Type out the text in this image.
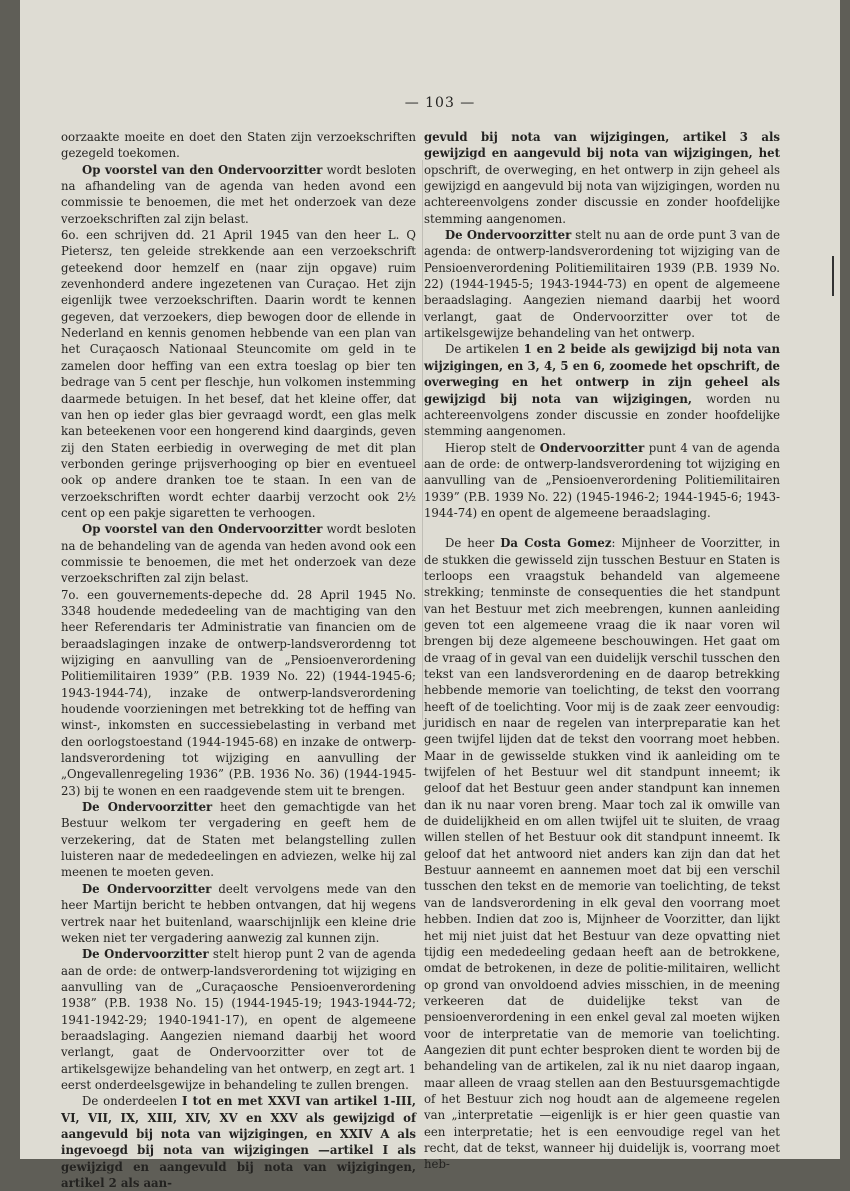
— 103 —

oorzaakte moeite en doet den Staten zijn verzoekschriften gezegeld toekomen.

Op voorstel van den Ondervoorzitter wordt besloten na afhandeling van de agenda van heden avond een commissie te benoemen, die met het onderzoek van deze verzoekschriften zal zijn belast.

6o. een schrijven dd. 21 April 1945 van den heer L. Q Pietersz, ten geleide strekkende aan een verzoekschrift geteekend door hemzelf en (naar zijn opgave) ruim zevenhonderd andere ingezetenen van Curaçao. Het zijn eigenlijk twee verzoekschriften. Daarin wordt te kennen gegeven, dat verzoekers, diep bewogen door de ellende in Nederland en kennis genomen hebbende van een plan van het Curaçaosch Nationaal Steuncomite om geld in te zamelen door heffing van een extra toeslag op bier ten bedrage van 5 cent per fleschje, hun volkomen instemming daarmede betuigen. In het besef, dat het kleine offer, dat van hen op ieder glas bier gevraagd wordt, een glas melk kan beteekenen voor een hongerend kind daarginds, geven zij den Staten eerbiedig in overweging de met dit plan verbonden geringe prijsverhooging op bier en eventueel ook op andere dranken toe te staan. In een van de verzoekschriften wordt echter daarbij verzocht ook 2½ cent op een pakje sigaretten te verhoogen.

Op voorstel van den Ondervoorzitter wordt besloten na de behandeling van de agenda van heden avond ook een commissie te benoemen, die met het onderzoek van deze verzoekschriften zal zijn belast.

7o. een gouvernements-depeche dd. 28 April 1945 No. 3348 houdende mededeeling van de machtiging van den heer Referendaris ter Administratie van financien om de beraadslagingen inzake de ontwerp-landsverordenng tot wijziging en aanvulling van de „Pensioenverordening Politiemilitairen 1939” (P.B. 1939 No. 22) (1944-1945-6; 1943-1944-74), inzake de ontwerp-landsverordening houdende voorzieningen met betrekking tot de heffing van winst-, inkomsten en successiebelasting in verband met den oorlogstoestand (1944-1945-68) en inzake de ontwerp-landsverordening tot wijziging en aanvulling der „Ongevallenregeling 1936” (P.B. 1936 No. 36) (1944-1945-23) bij te wonen en een raadgevende stem uit te brengen.

De Ondervoorzitter heet den gemachtigde van het Bestuur welkom ter vergadering en geeft hem de verzekering, dat de Staten met belangstelling zullen luisteren naar de mededeelingen en adviezen, welke hij zal meenen te moeten geven.

De Ondervoorzitter deelt vervolgens mede van den heer Martijn bericht te hebben ontvangen, dat hij wegens vertrek naar het buitenland, waarschijnlijk een kleine drie weken niet ter vergadering aanwezig zal kunnen zijn.

De Ondervoorzitter stelt hierop punt 2 van de agenda aan de orde: de ontwerp-landsverordening tot wijziging en aanvulling van de „Curaçaosche Pensioenverordening 1938” (P.B. 1938 No. 15) (1944-1945-19; 1943-1944-72; 1941-1942-29; 1940-1941-17), en opent de algemeene beraadslaging. Aangezien niemand daarbij het woord verlangt, gaat de Ondervoorzitter over tot de artikelsgewijze behandeling van het ontwerp, en zegt art. 1 eerst onderdeelsgewijze in behandeling te zullen brengen.

De onderdeelen I tot en met XXVI van artikel 1-III, VI, VII, IX, XIII, XIV, XV en XXV als gewijzigd of aangevuld bij nota van wijzigingen, en XXIV A als ingevoegd bij nota van wijzigingen —artikel I als gewijzigd en aangevuld bij nota van wijzigingen, artikel 2 als aan-

gevuld bij nota van wijzigingen, artikel 3 als gewijzigd en aangevuld bij nota van wijzigingen, het opschrift, de overweging, en het ontwerp in zijn geheel als gewijzigd en aangevuld bij nota van wijzigingen, worden nu achtereenvolgens zonder discussie en zonder hoofdelijke stemming aangenomen.

De Ondervoorzitter stelt nu aan de orde punt 3 van de agenda: de ontwerp-landsverordening tot wijziging van de Pensioenverordening Politiemilitairen 1939 (P.B. 1939 No. 22) (1944-1945-5; 1943-1944-73) en opent de algemeene beraadslaging. Aangezien niemand daarbij het woord verlangt, gaat de Ondervoorzitter over tot de artikelsgewijze behandeling van het ontwerp.

De artikelen 1 en 2 beide als gewijzigd bij nota van wijzigingen, en 3, 4, 5 en 6, zoomede het opschrift, de overweging en het ontwerp in zijn geheel als gewijzigd bij nota van wijzigingen, worden nu achtereenvolgens zonder discussie en zonder hoofdelijke stemming aangenomen.

Hierop stelt de Ondervoorzitter punt 4 van de agenda aan de orde: de ontwerp-landsverordening tot wijziging en aanvulling van de „Pensioenverordening Politiemilitairen 1939” (P.B. 1939 No. 22) (1945-1946-2; 1944-1945-6; 1943-1944-74) en opent de algemeene beraadslaging.

De heer Da Costa Gomez: Mijnheer de Voorzitter, in de stukken die gewisseld zijn tusschen Bestuur en Staten is terloops een vraagstuk behandeld van algemeene strekking; tenminste de consequenties die het standpunt van het Bestuur met zich meebrengen, kunnen aanleiding geven tot een algemeene vraag die ik naar voren wil brengen bij deze algemeene beschouwingen. Het gaat om de vraag of in geval van een duidelijk verschil tusschen den tekst van een landsverordening en de daarop betrekking hebbende memorie van toelichting, de tekst den voorrang heeft of de toelichting. Voor mij is de zaak zeer eenvoudig: juridisch en naar de regelen van interpreparatie kan het geen twijfel lijden dat de tekst den voorrang moet hebben. Maar in de gewisselde stukken vind ik aanleiding om te twijfelen of het Bestuur wel dit standpunt inneemt; ik geloof dat het Bestuur geen ander standpunt kan innemen dan ik nu naar voren breng. Maar toch zal ik omwille van de duidelijkheid en om allen twijfel uit te sluiten, de vraag willen stellen of het Bestuur ook dit standpunt inneemt. Ik geloof dat het antwoord niet anders kan zijn dan dat het Bestuur aanneemt en aannemen moet dat bij een verschil tusschen den tekst en de memorie van toelichting, de tekst van de landsverordening in elk geval den voorrang moet hebben. Indien dat zoo is, Mijnheer de Voorzitter, dan lijkt het mij niet juist dat het Bestuur van deze opvatting niet tijdig een mededeeling gedaan heeft aan de betrokkene, omdat de betrokenen, in deze de politie-militairen, wellicht op grond van onvoldoend advies misschien, in de meening verkeeren dat de duidelijke tekst van de pensioenverordening in een enkel geval zal moeten wijken voor de interpretatie van de memorie van toelichting. Aangezien dit punt echter besproken dient te worden bij de behandeling van de artikelen, zal ik nu niet daarop ingaan, maar alleen de vraag stellen aan den Bestuursgemachtigde of het Bestuur zich nog houdt aan de algemeene regelen van „interpretatie —eigenlijk is er hier geen quastie van een interpretatie; het is een eenvoudige regel van het recht, dat de tekst, wanneer hij duidelijk is, voorrang moet heb-
